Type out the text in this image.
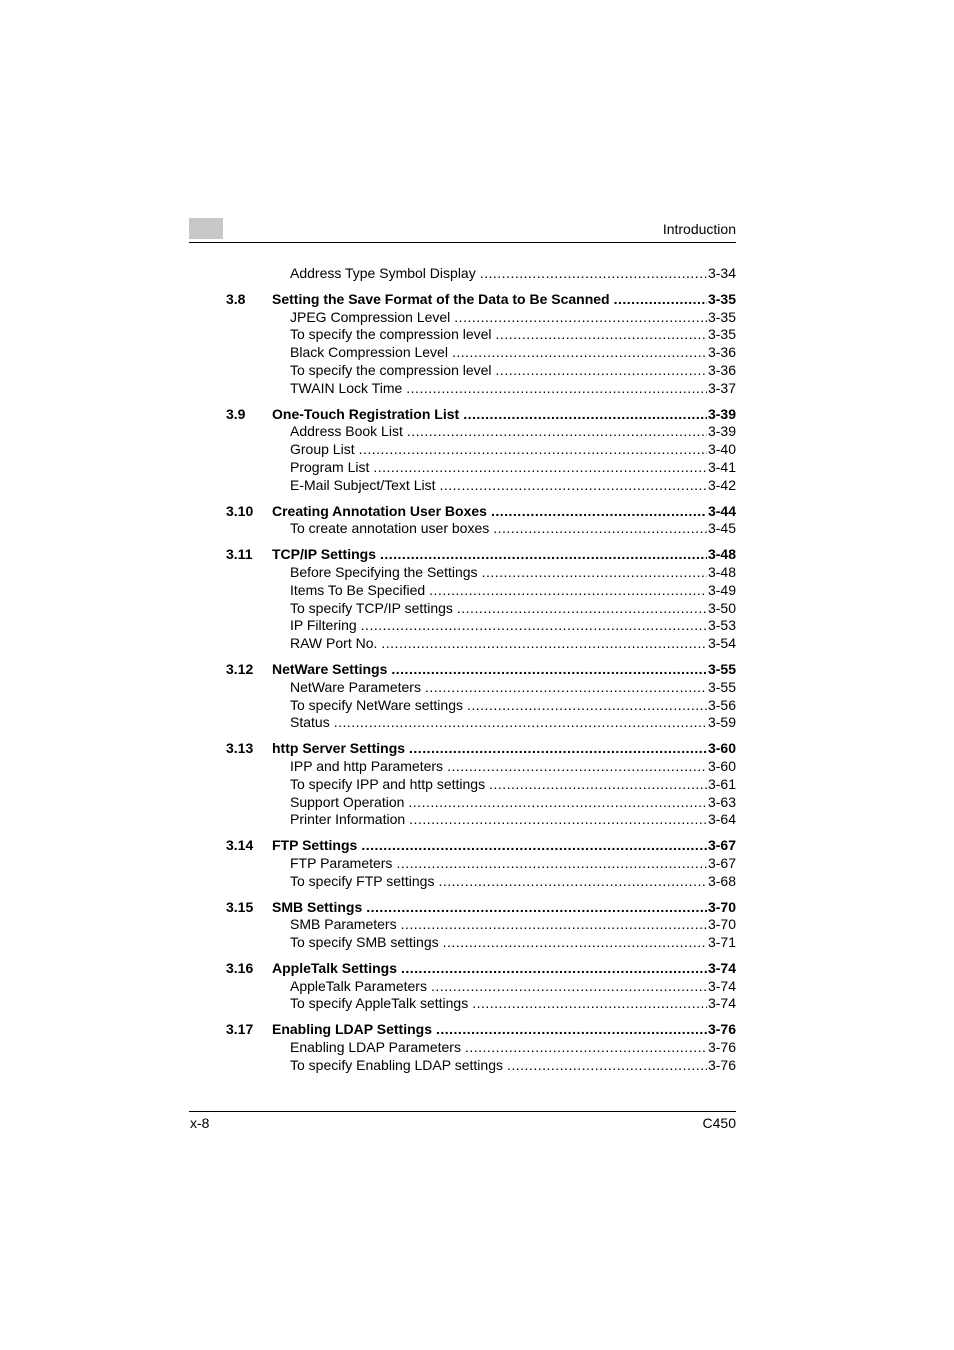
Introduction
Address Type Symbol Display .....	3-34
3.8 Setting the Save Format of the Data to Be Scanned .....	3-35
JPEG Compression Level .....	3-35
To specify the compression level .....	3-35
Black Compression Level .....	3-36
To specify the compression level .....	3-36
TWAIN Lock Time .....	3-37
3.9 One-Touch Registration List .....	3-39
Address Book List .....	3-39
Group List .....	3-40
Program List .....	3-41
E-Mail Subject/Text List .....	3-42
3.10 Creating Annotation User Boxes .....	3-44
To create annotation user boxes .....	3-45
3.11 TCP/IP Settings .....	3-48
Before Specifying the Settings .....	3-48
Items To Be Specified .....	3-49
To specify TCP/IP settings .....	3-50
IP Filtering .....	3-53
RAW Port No. .....	3-54
3.12 NetWare Settings .....	3-55
NetWare Parameters .....	3-55
To specify NetWare settings .....	3-56
Status .....	3-59
3.13 http Server Settings .....	3-60
IPP and http Parameters .....	3-60
To specify IPP and http settings .....	3-61
Support Operation .....	3-63
Printer Information .....	3-64
3.14 FTP Settings .....	3-67
FTP Parameters .....	3-67
To specify FTP settings .....	3-68
3.15 SMB Settings .....	3-70
SMB Parameters .....	3-70
To specify SMB settings .....	3-71
3.16 AppleTalk Settings .....	3-74
AppleTalk Parameters .....	3-74
To specify AppleTalk settings .....	3-74
3.17 Enabling LDAP Settings .....	3-76
Enabling LDAP Parameters .....	3-76
To specify Enabling LDAP settings .....	3-76
x-8	C450
